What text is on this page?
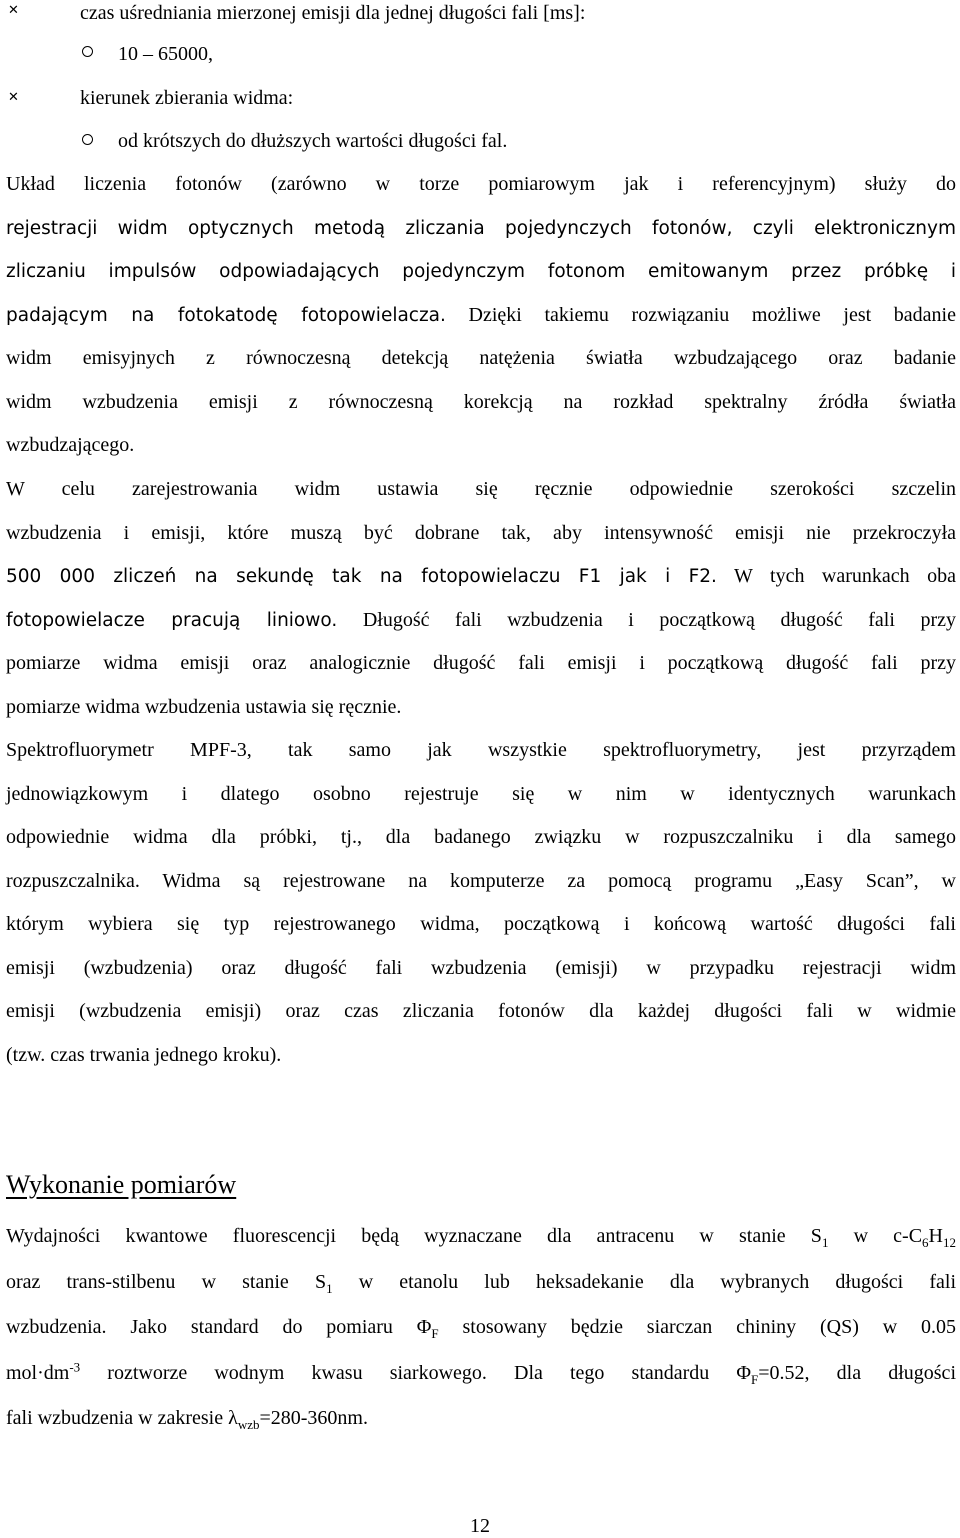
✕	czas uśredniania mierzonej emisji dla jednej długości fali [ms]:
10 – 65000,
✕	kierunek zbierania widma:
od krótszych do dłuższych wartości długości fal.
Układ liczenia fotonów (zarówno w torze pomiarowym jak i referencyjnym) służy do
rejestracji widm optycznych metodą zliczania pojedynczych fotonów, czyli elektronicznym
zliczaniu impulsów odpowiadających pojedynczym fotonom emitowanym przez próbkę i
padającym na fotokatodę fotopowielacza. Dzięki takiemu rozwiązaniu możliwe jest badanie
widm emisyjnych z równoczesną detekcją natężenia światła wzbudzającego oraz badanie
widm wzbudzenia emisji z równoczesną korekcją na rozkład spektralny źródła światła
wzbudzającego.
W celu zarejestrowania widm ustawia się ręcznie odpowiednie szerokości szczelin
wzbudzenia i emisji, które muszą być dobrane tak, aby intensywność emisji nie przekroczyła
500 000 zliczeń na sekundę tak na fotopowielaczu F1 jak i F2. W tych warunkach oba
fotopowielacze pracują liniowo. Długość fali wzbudzenia i początkową długość fali przy
pomiarze widma emisji oraz analogicznie długość fali emisji i początkową długość fali przy
pomiarze widma wzbudzenia ustawia się ręcznie.
Spektrofluorymetr MPF-3, tak samo jak wszystkie spektrofluorymetry, jest przyrządem
jednowiązkowym i dlatego osobno rejestruje się w nim w identycznych warunkach
odpowiednie widma dla próbki, tj., dla badanego związku w rozpuszczalniku i dla samego
rozpuszczalnika. Widma są rejestrowane na komputerze za pomocą programu „Easy Scan”, w
którym wybiera się typ rejestrowanego widma, początkową i końcową wartość długości fali
emisji (wzbudzenia) oraz długość fali wzbudzenia (emisji) w przypadku rejestracji widm
emisji (wzbudzenia emisji) oraz czas zliczania fotonów dla każdej długości fali w widmie
(tzw. czas trwania jednego kroku).
Wykonanie pomiarów
Wydajności kwantowe fluorescencji będą wyznaczane dla antracenu w stanie $S_1$ w $c-C_6H_{12}$
oraz trans-stilbenu w stanie $S_1$ w etanolu lub heksadekanie dla wybranych długości fali
wzbudzenia. Jako standard do pomiaru $\Phi_F$ stosowany będzie siarczan chininy (QS) w 0.05
$mol\cdot dm^{-3}$ roztworze wodnym kwasu siarkowego. Dla tego standardu $\Phi_F=0.52$, dla długości
fali wzbudzenia w zakresie $\lambda_{wzb}=280-360nm$.
12
